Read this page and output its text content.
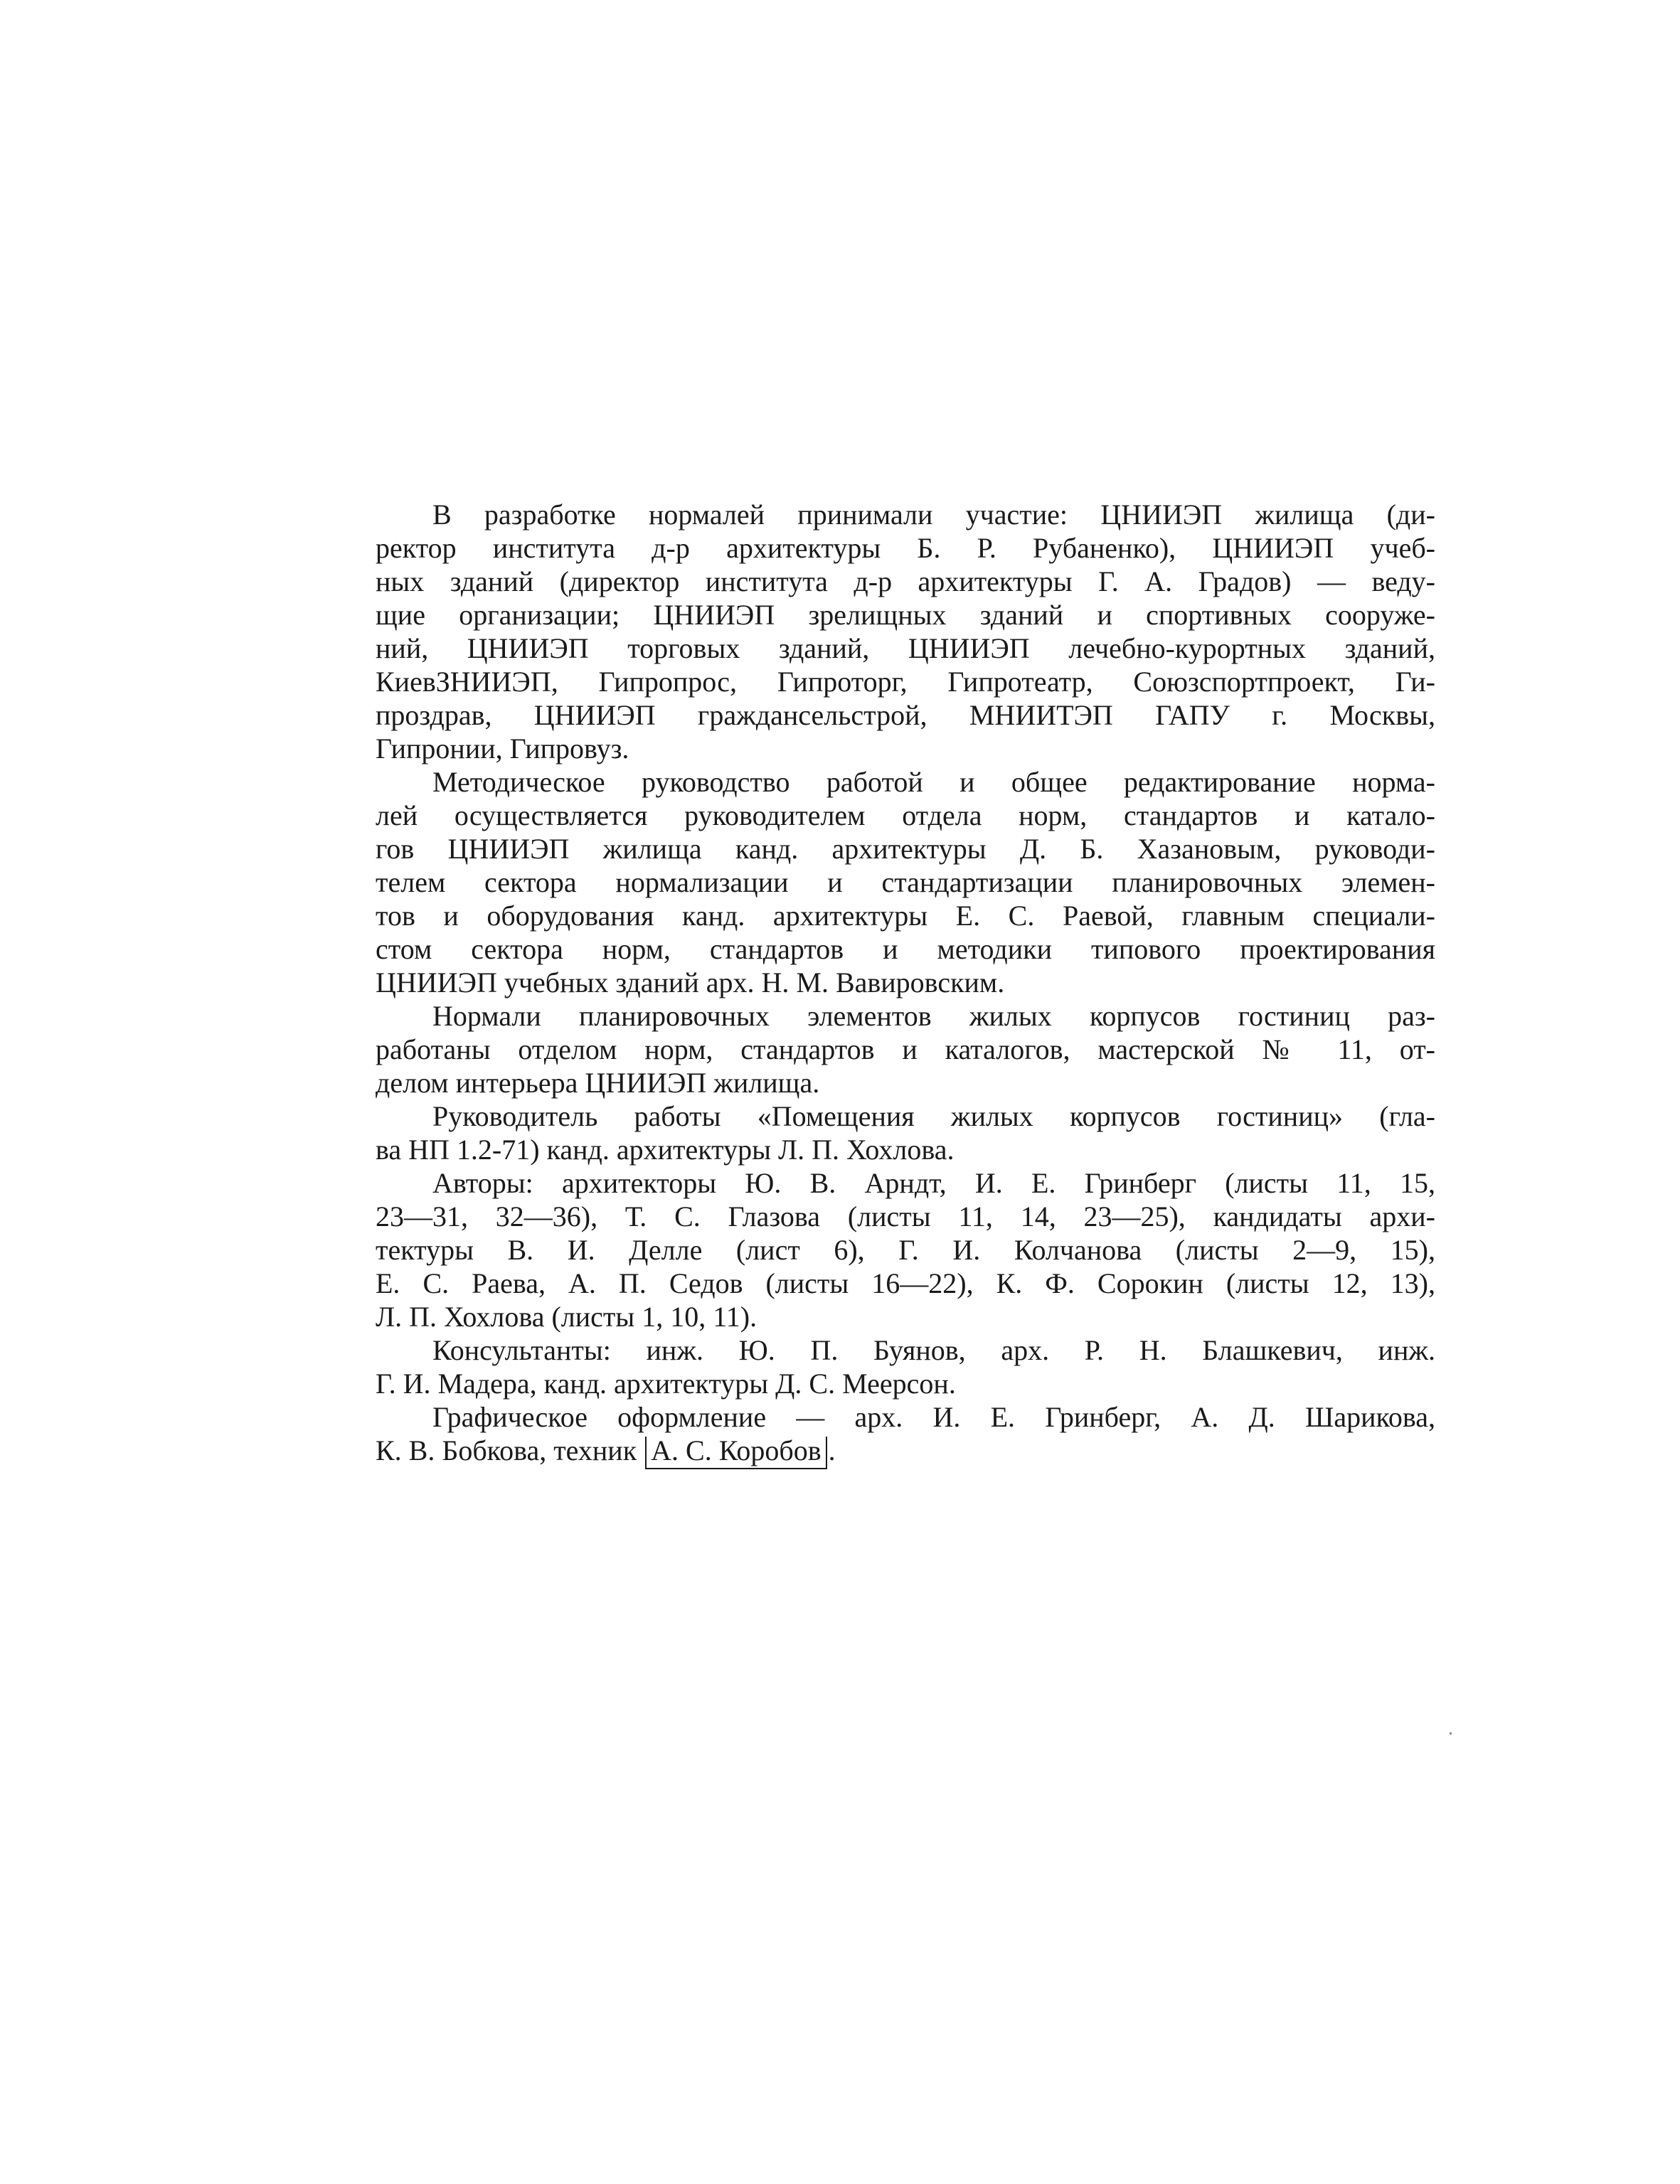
В разработке нормалей принимали участие: ЦНИИЭП жилища (ди-
ректор института д-р архитектуры Б. Р. Рубаненко), ЦНИИЭП учеб-
ных зданий (директор института д-р архитектуры Г. А. Градов) — веду-
щие организации; ЦНИИЭП зрелищных зданий и спортивных сооруже-
ний, ЦНИИЭП торговых зданий, ЦНИИЭП лечебно-курортных зданий,
КиевЗНИИЭП, Гипропрос, Гипроторг, Гипротеатр, Союзспортпроект, Ги-
проздрав, ЦНИИЭП граждансельстрой, МНИИТЭП ГАПУ г. Москвы,
Гипронии, Гипровуз.
Методическое руководство работой и общее редактирование норма-
лей осуществляется руководителем отдела норм, стандартов и катало-
гов ЦНИИЭП жилища канд. архитектуры Д. Б. Хазановым, руководи-
телем сектора нормализации и стандартизации планировочных элемен-
тов и оборудования канд. архитектуры Е. С. Раевой, главным специали-
стом сектора норм, стандартов и методики типового проектирования
ЦНИИЭП учебных зданий арх. Н. М. Вавировским.
Нормали планировочных элементов жилых корпусов гостиниц раз-
работаны отделом норм, стандартов и каталогов, мастерской № 11, от-
делом интерьера ЦНИИЭП жилища.
Руководитель работы «Помещения жилых корпусов гостиниц» (гла-
ва НП 1.2-71) канд. архитектуры Л. П. Хохлова.
Авторы: архитекторы Ю. В. Арндт, И. Е. Гринберг (листы 11, 15,
23—31, 32—36), Т. С. Глазова (листы 11, 14, 23—25), кандидаты архи-
тектуры В. И. Делле (лист 6), Г. И. Колчанова (листы 2—9, 15),
Е. С. Раева, А. П. Седов (листы 16—22), К. Ф. Сорокин (листы 12, 13),
Л. П. Хохлова (листы 1, 10, 11).
Консультанты: инж. Ю. П. Буянов, арх. Р. Н. Блашкевич, инж.
Г. И. Мадера, канд. архитектуры Д. С. Меерсон.
Графическое оформление — арх. И. Е. Гринберг, А. Д. Шарикова,
К. В. Бобкова, техник А. С. Коробов .
